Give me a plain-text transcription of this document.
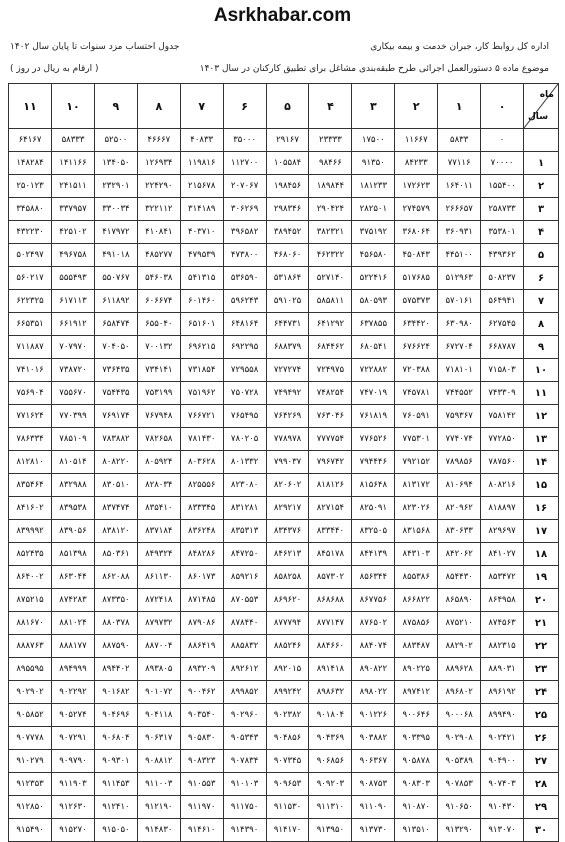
Asrkhabar.com
اداره کل روابط کار، جبران خدمت و بیمه بیکاری
موضوع ماده ۵ دستورالعمل اجرائی طرح طبقه‌بندی مشاغل برای تطبیق کارکنان در سال ۱۴۰۳
جدول احتساب مزد سنوات تا پایان سال ۱۴۰۲
( ارقام به ریال در روز )
ماه
سال	۰	۱	۲	۳	۴	۵	۶	۷	۸	۹	۱۰	۱۱
	۰	۵۸۳۳	۱۱۶۶۷	۱۷۵۰۰	۲۳۳۳۳	۲۹۱۶۷	۳۵۰۰۰	۴۰۸۳۳	۴۶۶۶۷	۵۲۵۰۰	۵۸۳۳۳	۶۴۱۶۷
۱	۷۰۰۰۰	۷۷۱۱۶	۸۴۲۳۳	۹۱۳۵۰	۹۸۴۶۶	۱۰۵۵۸۴	۱۱۲۷۰۰	۱۱۹۸۱۶	۱۲۶۹۳۴	۱۳۴۰۵۰	۱۴۱۱۶۶	۱۴۸۲۸۴
۲	۱۵۵۴۰۰	۱۶۴۰۱۱	۱۷۲۶۲۳	۱۸۱۲۳۳	۱۸۹۸۴۴	۱۹۸۴۵۶	۲۰۷۰۶۷	۲۱۵۶۷۸	۲۲۴۲۹۰	۲۳۲۹۰۱	۲۴۱۵۱۱	۲۵۰۱۲۳
۳	۲۵۸۷۳۳	۲۶۶۶۵۷	۲۷۴۵۷۹	۲۸۲۵۰۱	۲۹۰۴۲۴	۲۹۸۳۴۶	۳۰۶۲۶۹	۳۱۴۱۸۹	۳۲۲۱۱۲	۳۳۰۰۳۴	۳۳۷۹۵۷	۳۴۵۸۸۰
۴	۳۵۳۸۰۱	۳۶۰۹۳۱	۳۶۸۰۶۴	۳۷۵۱۹۲	۳۸۲۳۲۱	۳۸۹۴۵۲	۳۹۶۵۸۲	۴۰۳۷۱۰	۴۱۰۸۴۱	۴۱۷۹۷۲	۴۲۵۱۰۲	۴۳۲۲۳۰
۵	۴۳۹۳۶۲	۴۴۵۱۰۰	۴۵۰۸۴۳	۴۵۶۵۸۰	۴۶۲۳۲۲	۴۶۸۰۶۰	۴۷۳۸۰۰	۴۷۹۵۳۹	۴۸۵۲۷۷	۴۹۱۰۱۸	۴۹۶۷۵۸	۵۰۲۴۹۷
۶	۵۰۸۲۳۷	۵۱۲۹۶۳	۵۱۷۶۸۵	۵۲۲۴۱۶	۵۲۷۱۴۰	۵۳۱۸۶۴	۵۳۶۵۹۰	۵۴۱۳۱۵	۵۴۶۰۳۸	۵۵۰۷۶۷	۵۵۵۴۹۳	۵۶۰۲۱۷
۷	۵۶۴۹۴۱	۵۷۰۱۶۱	۵۷۵۳۷۳	۵۸۰۵۹۳	۵۸۵۸۱۱	۵۹۱۰۲۵	۵۹۶۲۴۳	۶۰۱۴۶۰	۶۰۶۶۷۴	۶۱۱۸۹۲	۶۱۷۱۱۳	۶۲۲۳۲۵
۸	۶۲۷۵۴۵	۶۳۰۹۸۰	۶۳۴۴۲۰	۶۳۷۸۵۵	۶۴۱۲۹۲	۶۴۴۷۳۱	۶۴۸۱۶۴	۶۵۱۶۰۱	۶۵۵۰۴۰	۶۵۸۴۷۴	۶۶۱۹۱۲	۶۶۵۳۵۱
۹	۶۶۸۷۸۷	۶۷۲۷۰۴	۶۷۶۶۲۴	۶۸۰۵۴۱	۶۸۴۴۶۲	۶۸۸۳۷۹	۶۹۲۲۹۵	۶۹۶۲۱۵	۷۰۰۱۳۲	۷۰۴۰۵۰	۷۰۷۹۷۰	۷۱۱۸۸۷
۱۰	۷۱۵۸۰۳	۷۱۸۱۰۱	۷۲۰۳۸۸	۷۲۲۸۸۲	۷۲۴۹۷۵	۷۲۷۲۷۴	۷۲۹۵۵۸	۷۳۱۸۵۴	۷۳۴۱۴۱	۷۳۶۴۳۵	۷۳۸۷۲۰	۷۴۱۰۱۶
۱۱	۷۴۳۳۰۹	۷۴۴۵۵۲	۷۴۵۷۸۱	۷۴۷۰۱۹	۷۴۸۲۵۴	۷۴۹۴۹۲	۷۵۰۷۲۸	۷۵۱۹۶۲	۷۵۳۱۹۹	۷۵۴۴۳۵	۷۵۵۶۷۰	۷۵۶۹۰۴
۱۲	۷۵۸۱۴۲	۷۵۹۳۶۷	۷۶۰۵۹۱	۷۶۱۸۱۹	۷۶۳۰۴۶	۷۶۴۲۶۹	۷۶۵۴۹۵	۷۶۶۷۲۱	۷۶۷۹۴۸	۷۶۹۱۷۴	۷۷۰۳۹۹	۷۷۱۶۲۴
۱۳	۷۷۲۸۵۰	۷۷۴۰۷۴	۷۷۵۳۰۱	۷۷۶۵۲۶	۷۷۷۷۵۴	۷۷۸۹۷۸	۷۸۰۲۰۵	۷۸۱۴۳۰	۷۸۲۶۵۸	۷۸۳۸۸۲	۷۸۵۱۰۹	۷۸۶۳۳۴
۱۴	۷۸۷۵۶۰	۷۸۹۸۵۶	۷۹۲۱۵۲	۷۹۴۴۴۶	۷۹۶۷۴۲	۷۹۹۰۳۷	۸۰۱۳۳۲	۸۰۳۶۲۸	۸۰۵۹۲۴	۸۰۸۲۲۰	۸۱۰۵۱۴	۸۱۲۸۱۰
۱۵	۸۰۸۲۱۶	۸۱۰۶۹۴	۸۱۳۱۷۲	۸۱۵۶۴۸	۸۱۸۱۲۶	۸۲۰۶۰۲	۸۲۳۰۸۰	۸۲۵۵۵۶	۸۲۸۰۳۴	۸۳۰۵۱۰	۸۳۲۹۸۸	۸۳۵۴۶۴
۱۶	۸۱۸۸۹۷	۸۲۰۹۶۲	۸۲۳۰۲۶	۸۲۵۰۹۱	۸۲۷۱۵۴	۸۲۹۲۱۷	۸۳۱۲۸۱	۸۳۳۳۴۵	۸۳۵۴۱۰	۸۳۷۴۷۴	۸۳۹۵۳۸	۸۴۱۶۰۲
۱۷	۸۲۹۶۹۷	۸۳۰۶۳۳	۸۳۱۵۶۸	۸۳۲۵۰۵	۸۳۳۴۴۰	۸۳۴۳۷۶	۸۳۵۳۱۳	۸۳۶۲۴۸	۸۳۷۱۸۴	۸۳۸۱۲۰	۸۳۹۰۵۶	۸۳۹۹۹۲
۱۸	۸۴۱۰۲۷	۸۴۲۰۶۲	۸۴۳۱۰۳	۸۴۴۱۳۹	۸۴۵۱۷۸	۸۴۶۲۱۳	۸۴۷۲۵۰	۸۴۸۲۸۶	۸۴۹۳۲۴	۸۵۰۳۶۱	۸۵۱۳۹۸	۸۵۲۴۳۵
۱۹	۸۵۳۴۷۲	۸۵۴۴۳۰	۸۵۵۳۸۶	۸۵۶۳۴۴	۸۵۷۳۰۲	۸۵۸۲۵۸	۸۵۹۲۱۶	۸۶۰۱۷۳	۸۶۱۱۳۰	۸۶۲۰۸۸	۸۶۳۰۴۴	۸۶۴۰۰۲
۲۰	۸۶۴۹۵۸	۸۶۵۸۹۰	۸۶۶۸۲۲	۸۶۷۷۵۶	۸۶۸۶۸۸	۸۶۹۶۲۰	۸۷۰۵۵۳	۸۷۱۴۸۵	۸۷۲۴۱۸	۸۷۳۳۵۰	۸۷۴۲۸۳	۸۷۵۲۱۵
۲۱	۸۷۴۵۶۳	۸۷۵۲۱۰	۸۷۵۸۵۶	۸۷۶۵۰۲	۸۷۷۱۴۷	۸۷۷۷۹۴	۸۷۸۴۴۰	۸۷۹۰۸۶	۸۷۹۷۳۲	۸۸۰۳۷۸	۸۸۱۰۲۴	۸۸۱۶۷۰
۲۲	۸۸۲۳۱۵	۸۸۲۹۰۲	۸۸۳۴۸۷	۸۸۴۰۷۴	۸۸۴۶۶۰	۸۸۵۲۴۶	۸۸۵۸۳۲	۸۸۶۴۱۹	۸۸۷۰۰۴	۸۸۷۵۹۰	۸۸۸۱۷۷	۸۸۸۷۶۳
۲۳	۸۸۹۰۳۱	۸۸۹۶۲۸	۸۹۰۲۲۵	۸۹۰۸۲۲	۸۹۱۴۱۸	۸۹۲۰۱۵	۸۹۲۶۱۲	۸۹۳۲۰۹	۸۹۳۸۰۵	۸۹۴۴۰۲	۸۹۴۹۹۹	۸۹۵۵۹۵
۲۴	۸۹۶۱۹۲	۸۹۶۸۰۲	۸۹۷۴۱۲	۸۹۸۰۲۲	۸۹۸۶۳۲	۸۹۹۲۴۲	۸۹۹۸۵۲	۹۰۰۴۶۲	۹۰۱۰۷۲	۹۰۱۶۸۲	۹۰۲۲۹۲	۹۰۲۹۰۲
۲۵	۸۹۹۴۹۰	۹۰۰۰۶۸	۹۰۰۶۴۶	۹۰۱۲۲۶	۹۰۱۸۰۴	۹۰۲۳۸۲	۹۰۲۹۶۰	۹۰۳۵۴۰	۹۰۴۱۱۸	۹۰۴۶۹۶	۹۰۵۲۷۴	۹۰۵۸۵۲
۲۶	۹۰۲۴۲۱	۹۰۲۹۰۸	۹۰۳۳۹۵	۹۰۳۸۸۲	۹۰۴۳۶۹	۹۰۴۸۵۶	۹۰۵۳۴۳	۹۰۵۸۳۰	۹۰۶۳۱۷	۹۰۶۸۰۴	۹۰۷۲۹۱	۹۰۷۷۷۸
۲۷	۹۰۴۹۰۰	۹۰۵۳۸۹	۹۰۵۸۷۸	۹۰۶۳۶۷	۹۰۶۸۵۶	۹۰۷۳۴۵	۹۰۷۸۳۴	۹۰۸۳۲۳	۹۰۸۸۱۲	۹۰۹۳۰۱	۹۰۹۷۹۰	۹۱۰۲۷۹
۲۸	۹۰۷۴۰۳	۹۰۷۸۵۳	۹۰۸۳۰۳	۹۰۸۷۵۳	۹۰۹۲۰۳	۹۰۹۶۵۳	۹۱۰۱۰۳	۹۱۰۵۵۳	۹۱۱۰۰۳	۹۱۱۴۵۳	۹۱۱۹۰۳	۹۱۲۳۵۳
۲۹	۹۱۰۴۳۰	۹۱۰۶۵۰	۹۱۰۸۷۰	۹۱۱۰۹۰	۹۱۱۳۱۰	۹۱۱۵۳۰	۹۱۱۷۵۰	۹۱۱۹۷۰	۹۱۲۱۹۰	۹۱۲۴۱۰	۹۱۲۶۳۰	۹۱۲۸۵۰
۳۰	۹۱۳۰۷۰	۹۱۳۲۹۰	۹۱۳۵۱۰	۹۱۳۷۳۰	۹۱۳۹۵۰	۹۱۴۱۷۰	۹۱۴۳۹۰	۹۱۴۶۱۰	۹۱۴۸۳۰	۹۱۵۰۵۰	۹۱۵۲۷۰	۹۱۵۴۹۰
